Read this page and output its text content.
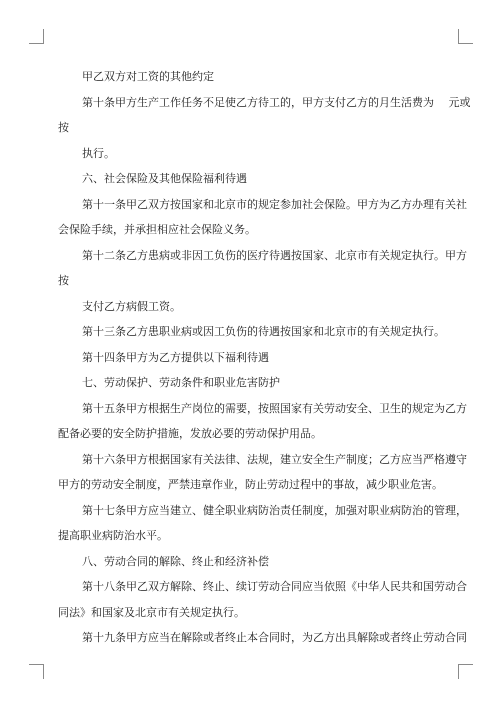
甲乙双方对工资的其他约定
第十条甲方生产工作任务不足使乙方待工的，甲方支付乙方的月生活费为　 元或
按
执行。
六、社会保险及其他保险福利待遇
第十一条甲乙双方按国家和北京市的规定参加社会保险。甲方为乙方办理有关社
会保险手续，并承担相应社会保险义务。
第十二条乙方患病或非因工负伤的医疗待遇按国家、北京市有关规定执行。甲方
按
支付乙方病假工资。
第十三条乙方患职业病或因工负伤的待遇按国家和北京市的有关规定执行。
第十四条甲方为乙方提供以下福利待遇
七、劳动保护、劳动条件和职业危害防护
第十五条甲方根据生产岗位的需要，按照国家有关劳动安全、卫生的规定为乙方
配备必要的安全防护措施，发放必要的劳动保护用品。
第十六条甲方根据国家有关法律、法规，建立安全生产制度；乙方应当严格遵守
甲方的劳动安全制度，严禁违章作业，防止劳动过程中的事故，减少职业危害。
第十七条甲方应当建立、健全职业病防治责任制度，加强对职业病防治的管理，
提高职业病防治水平。
八、劳动合同的解除、终止和经济补偿
第十八条甲乙双方解除、终止、续订劳动合同应当依照《中华人民共和国劳动合
同法》和国家及北京市有关规定执行。
第十九条甲方应当在解除或者终止本合同时，为乙方出具解除或者终止劳动合同
